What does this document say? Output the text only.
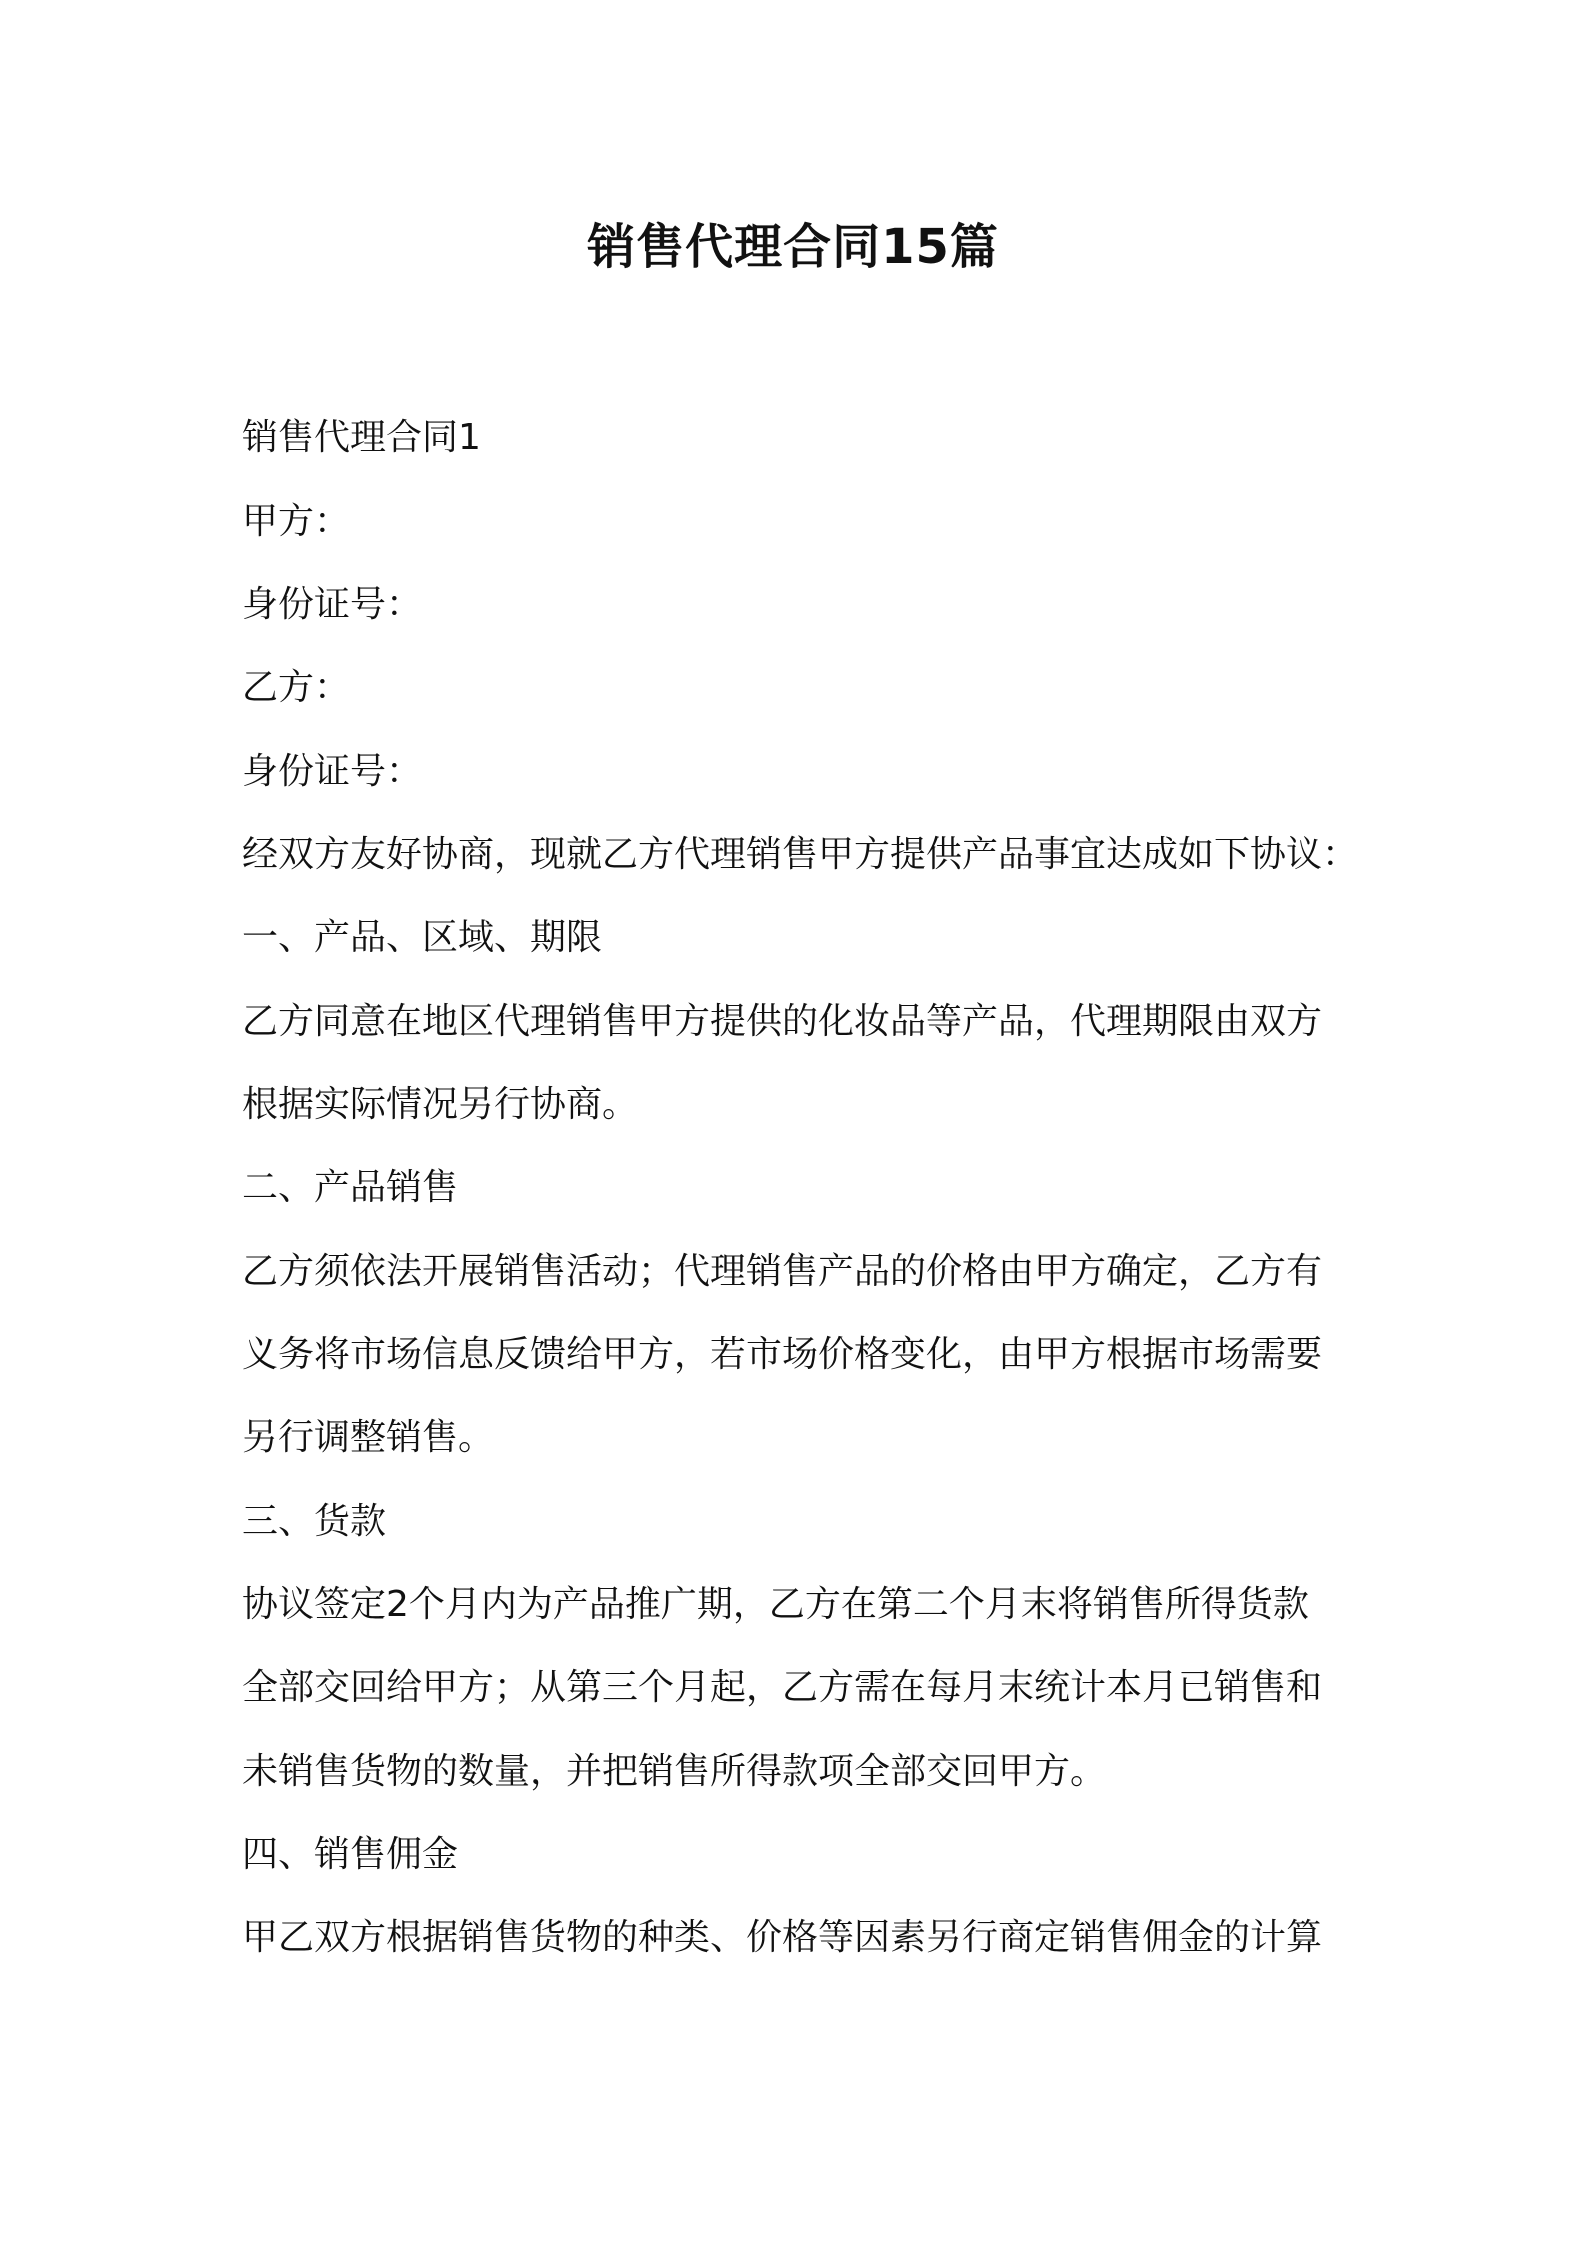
销售代理合同15篇
销售代理合同1
甲方：
身份证号：
乙方：
身份证号：
经双方友好协商，现就乙方代理销售甲方提供产品事宜达成如下协议：
一、产品、区域、期限
乙方同意在地区代理销售甲方提供的化妆品等产品，代理期限由双方
根据实际情况另行协商。
二、产品销售
乙方须依法开展销售活动；代理销售产品的价格由甲方确定，乙方有
义务将市场信息反馈给甲方，若市场价格变化，由甲方根据市场需要
另行调整销售。
三、货款
协议签定2个月内为产品推广期，乙方在第二个月末将销售所得货款
全部交回给甲方；从第三个月起，乙方需在每月末统计本月已销售和
未销售货物的数量，并把销售所得款项全部交回甲方。
四、销售佣金
甲乙双方根据销售货物的种类、价格等因素另行商定销售佣金的计算
